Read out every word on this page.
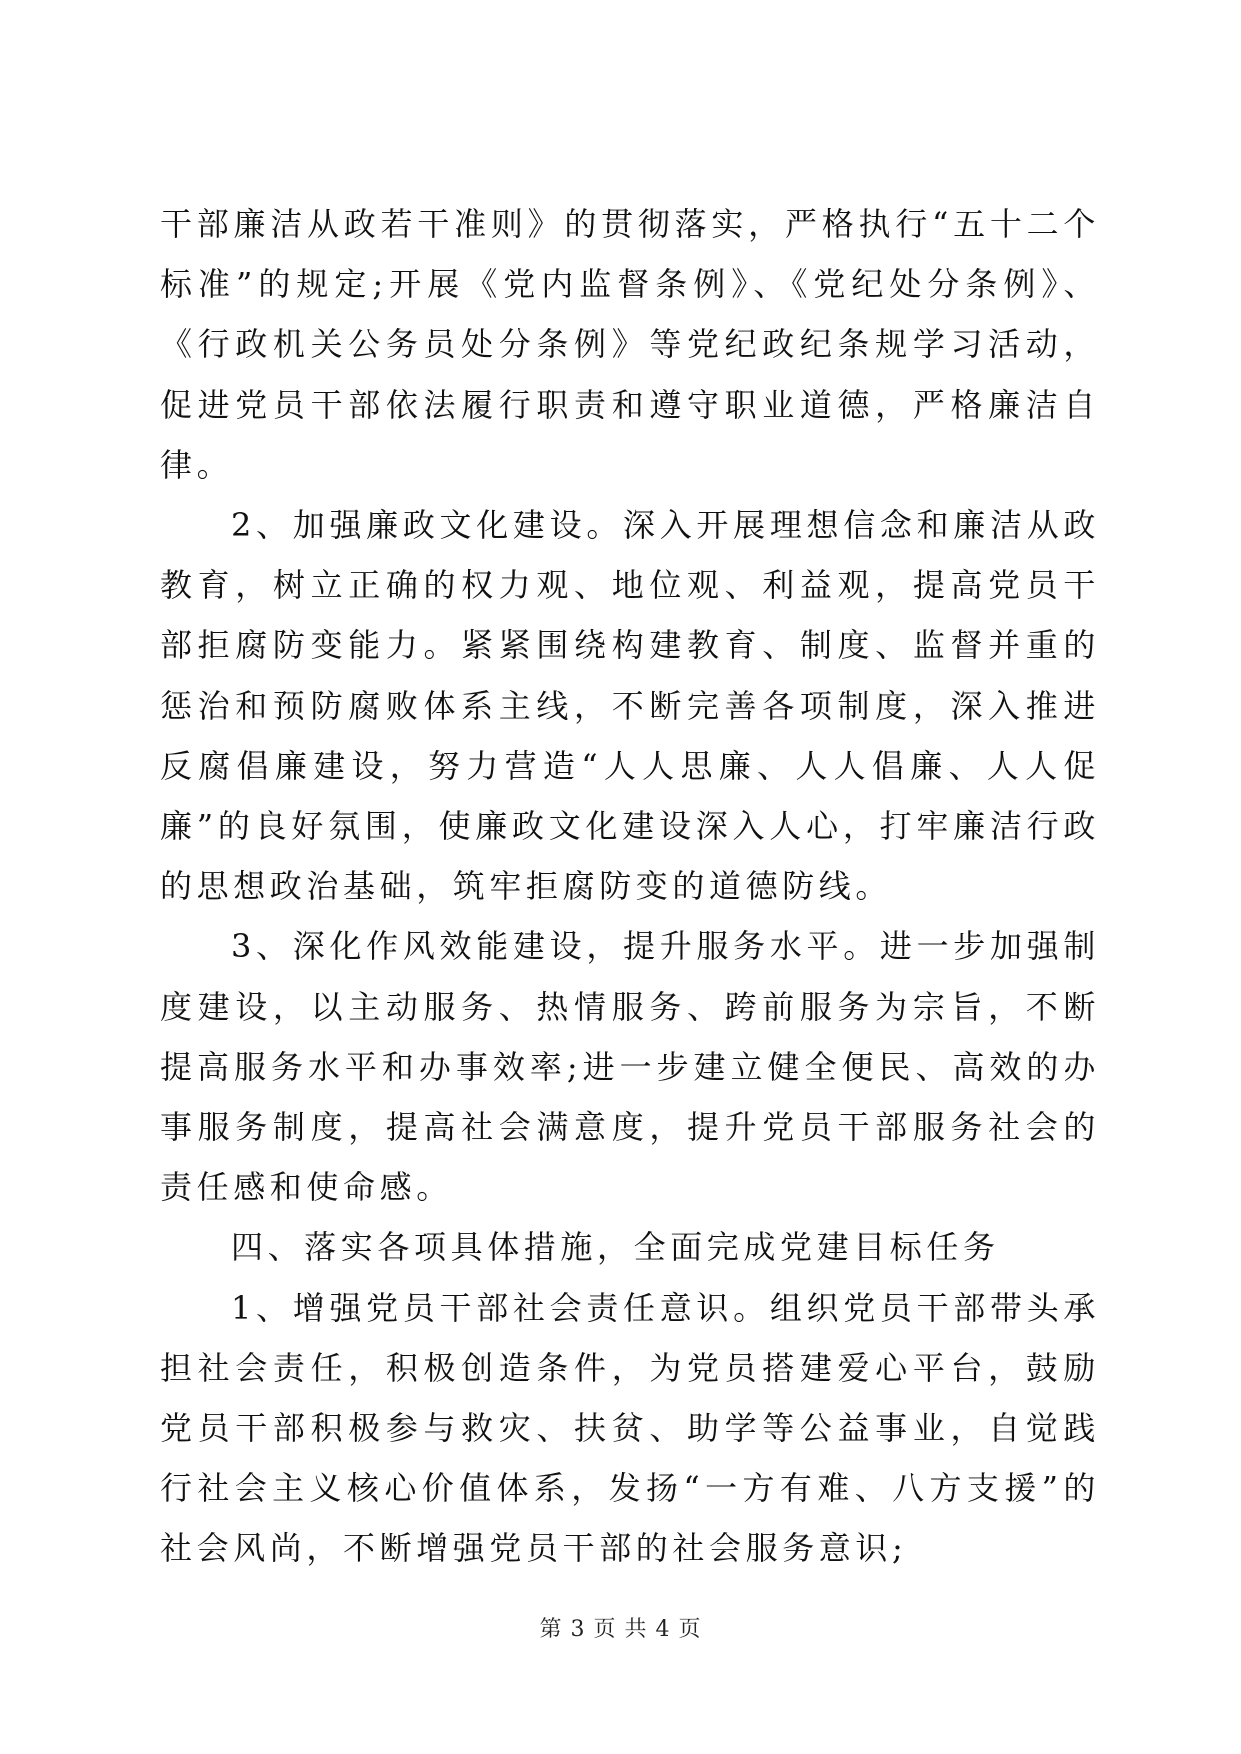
干部廉洁从政若干准则》的贯彻落实，严格执行“五十二个标准”的规定;开展《党内监督条例》、《党纪处分条例》、《行政机关公务员处分条例》等党纪政纪条规学习活动，促进党员干部依法履行职责和遵守职业道德，严格廉洁自律。

2、加强廉政文化建设。深入开展理想信念和廉洁从政教育，树立正确的权力观、地位观、利益观，提高党员干部拒腐防变能力。紧紧围绕构建教育、制度、监督并重的惩治和预防腐败体系主线，不断完善各项制度，深入推进反腐倡廉建设，努力营造“人人思廉、人人倡廉、人人促廉”的良好氛围，使廉政文化建设深入人心，打牢廉洁行政的思想政治基础，筑牢拒腐防变的道德防线。

3、深化作风效能建设，提升服务水平。进一步加强制度建设，以主动服务、热情服务、跨前服务为宗旨，不断提高服务水平和办事效率;进一步建立健全便民、高效的办事服务制度，提高社会满意度，提升党员干部服务社会的责任感和使命感。

四、落实各项具体措施，全面完成党建目标任务

1、增强党员干部社会责任意识。组织党员干部带头承担社会责任，积极创造条件，为党员搭建爱心平台，鼓励党员干部积极参与救灾、扶贫、助学等公益事业，自觉践行社会主义核心价值体系，发扬“一方有难、八方支援”的社会风尚，不断增强党员干部的社会服务意识;

第 3 页 共 4 页
